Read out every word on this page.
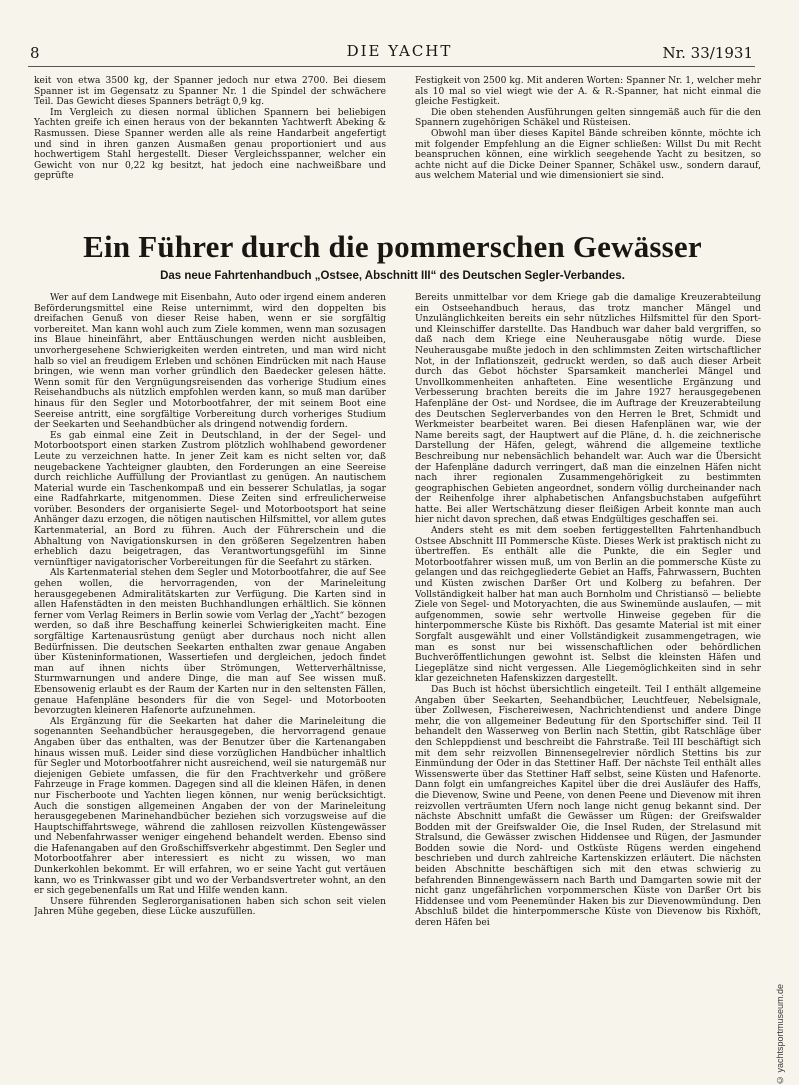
8	DIE YACHT	Nr. 33/1931

keit von etwa 3500 kg, der Spanner jedoch nur etwa 2700. Bei diesem Spanner ist im Gegensatz zu Spanner Nr. 1 die Spindel der schwächere Teil. Das Gewicht dieses Spanners beträgt 0,9 kg.

Im Vergleich zu diesen normal üblichen Spannern bei beliebigen Yachten greife ich einen heraus von der bekannten Yachtwerft Abeking & Rasmussen. Diese Spanner werden alle als reine Handarbeit angefertigt und sind in ihren ganzen Ausmaßen genau proportioniert und aus hochwertigem Stahl hergestellt. Dieser Vergleichsspanner, welcher ein Gewicht von nur 0,22 kg besitzt, hat jedoch eine nachweißbare und geprüfte

Festigkeit von 2500 kg. Mit anderen Worten: Spanner Nr. 1, welcher mehr als 10 mal so viel wiegt wie der A. & R.-Spanner, hat nicht einmal die gleiche Festigkeit.

Die oben stehenden Ausführungen gelten sinngemäß auch für die den Spannern zugehörigen Schäkel und Rüsteisen.

Obwohl man über dieses Kapitel Bände schreiben könnte, möchte ich mit folgender Empfehlung an die Eigner schließen: Willst Du mit Recht beanspruchen können, eine wirklich seegehende Yacht zu besitzen, so achte nicht auf die Dicke Deiner Spanner, Schäkel usw., sondern darauf, aus welchem Material und wie dimensioniert sie sind.

Ein Führer durch die pommerschen Gewässer
Das neue Fahrtenhandbuch „Ostsee, Abschnitt III“ des Deutschen Segler-Verbandes.

Wer auf dem Landwege mit Eisenbahn, Auto oder irgend einem anderen Beförderungsmittel eine Reise unternimmt, wird den doppelten bis dreifachen Genuß von dieser Reise haben, wenn er sie sorgfältig vorbereitet. Man kann wohl auch zum Ziele kommen, wenn man sozusagen ins Blaue hineinfährt, aber Enttäuschungen werden nicht ausbleiben, unvorhergesehene Schwierigkeiten werden eintreten, und man wird nicht halb so viel an freudigem Erleben und schönen Eindrücken mit nach Hause bringen, wie wenn man vorher gründlich den Baedecker gelesen hätte. Wenn somit für den Vergnügungsreisenden das vorherige Studium eines Reisehandbuchs als nützlich empfohlen werden kann, so muß man darüber hinaus für den Segler und Motorbootfahrer, der mit seinem Boot eine Seereise antritt, eine sorgfältige Vorbereitung durch vorheriges Studium der Seekarten und Seehandbücher als dringend notwendig fordern.

Es gab einmal eine Zeit in Deutschland, in der der Segel- und Motorbootsport einen starken Zustrom plötzlich wohlhabend gewordener Leute zu verzeichnen hatte. In jener Zeit kam es nicht selten vor, daß neugebackene Yachteigner glaubten, den Forderungen an eine Seereise durch reichliche Auffüllung der Proviantlast zu genügen. An nautischem Material wurde ein Taschenkompaß und ein besserer Schulatlas, ja sogar eine Radfahrkarte, mitgenommen. Diese Zeiten sind erfreulicherweise vorüber. Besonders der organisierte Segel- und Motorbootsport hat seine Anhänger dazu erzogen, die nötigen nautischen Hilfsmittel, vor allem gutes Kartenmaterial, an Bord zu führen. Auch der Führerschein und die Abhaltung von Navigationskursen in den größeren Segelzentren haben erheblich dazu beigetragen, das Verantwortungsgefühl im Sinne vernünftiger navigatorischer Vorbereitungen für die Seefahrt zu stärken.

Als Kartenmaterial stehen dem Segler und Motorbootfahrer, die auf See gehen wollen, die hervorragenden, von der Marineleitung herausgegebenen Admiralitätskarten zur Verfügung. Die Karten sind in allen Hafenstädten in den meisten Buchhandlungen erhältlich. Sie können ferner vom Verlag Reimers in Berlin sowie vom Verlag der „Yacht“ bezogen werden, so daß ihre Beschaffung keinerlei Schwierigkeiten macht. Eine sorgfältige Kartenausrüstung genügt aber durchaus noch nicht allen Bedürfnissen. Die deutschen Seekarten enthalten zwar genaue Angaben über Küsteninformationen, Wassertiefen und dergleichen, jedoch findet man auf ihnen nichts über Strömungen, Wetterverhältnisse, Sturmwarnungen und andere Dinge, die man auf See wissen muß. Ebensowenig erlaubt es der Raum der Karten nur in den seltensten Fällen, genaue Hafenpläne besonders für die von Segel- und Motorbooten bevorzugten kleineren Hafenorte aufzunehmen.

Als Ergänzung für die Seekarten hat daher die Marineleitung die sogenannten Seehandbücher herausgegeben, die hervorragend genaue Angaben über das enthalten, was der Benutzer über die Kartenangaben hinaus wissen muß. Leider sind diese vorzüglichen Handbücher inhaltlich für Segler und Motorbootfahrer nicht ausreichend, weil sie naturgemäß nur diejenigen Gebiete umfassen, die für den Frachtverkehr und größere Fahrzeuge in Frage kommen. Dagegen sind all die kleinen Häfen, in denen nur Fischerboote und Yachten liegen können, nur wenig berücksichtigt. Auch die sonstigen allgemeinen Angaben der von der Marineleitung herausgegebenen Marinehandbücher beziehen sich vorzugsweise auf die Hauptschiffahrtswege, während die zahllosen reizvollen Küstengewässer und Nebenfahrwasser weniger eingehend behandelt werden. Ebenso sind die Hafenangaben auf den Großschiffsverkehr abgestimmt. Den Segler und Motorbootfahrer aber interessiert es nicht zu wissen, wo man Dunkerkohlen bekommt. Er will erfahren, wo er seine Yacht gut vertäuen kann, wo es Trinkwasser gibt und wo der Verbandsvertreter wohnt, an den er sich gegebenenfalls um Rat und Hilfe wenden kann.

Unsere führenden Seglerorganisationen haben sich schon seit vielen Jahren Mühe gegeben, diese Lücke auszufüllen.

Bereits unmittelbar vor dem Kriege gab die damalige Kreuzerabteilung ein Ostseehandbuch heraus, das trotz mancher Mängel und Unzulänglichkeiten bereits ein sehr nützliches Hilfsmittel für den Sport- und Kleinschiffer darstellte. Das Handbuch war daher bald vergriffen, so daß nach dem Kriege eine Neuherausgabe nötig wurde. Diese Neuherausgabe mußte jedoch in den schlimmsten Zeiten wirtschaftlicher Not, in der Inflationszeit, gedruckt werden, so daß auch dieser Arbeit durch das Gebot höchster Sparsamkeit mancherlei Mängel und Unvollkommenheiten anhafteten. Eine wesentliche Ergänzung und Verbesserung brachten bereits die im Jahre 1927 herausgegebenen Hafenpläne der Ost- und Nordsee, die im Auftrage der Kreuzerabteilung des Deutschen Seglerverbandes von den Herren le Bret, Schmidt und Werkmeister bearbeitet waren. Bei diesen Hafenplänen war, wie der Name bereits sagt, der Hauptwert auf die Pläne, d. h. die zeichnerische Darstellung der Häfen, gelegt, während die allgemeine textliche Beschreibung nur nebensächlich behandelt war. Auch war die Übersicht der Hafenpläne dadurch verringert, daß man die einzelnen Häfen nicht nach ihrer regionalen Zusammengehörigkeit zu bestimmten geographischen Gebieten angeordnet, sondern völlig durcheinander nach der Reihenfolge ihrer alphabetischen Anfangsbuchstaben aufgeführt hatte. Bei aller Wertschätzung dieser fleißigen Arbeit konnte man auch hier nicht davon sprechen, daß etwas Endgültiges geschaffen sei.

Anders steht es mit dem soeben fertiggestellten Fahrtenhandbuch Ostsee Abschnitt III Pommersche Küste. Dieses Werk ist praktisch nicht zu übertreffen. Es enthält alle die Punkte, die ein Segler und Motorbootfahrer wissen muß, um von Berlin an die pommersche Küste zu gelangen und das reichgegliederte Gebiet an Haffs, Fahrwassern, Buchten und Küsten zwischen Darßer Ort und Kolberg zu befahren. Der Vollständigkeit halber hat man auch Bornholm und Christiansö — beliebte Ziele von Segel- und Motoryachten, die aus Swinemünde auslaufen, — mit aufgenommen, sowie sehr wertvolle Hinweise gegeben für die hinterpommersche Küste bis Rixhöft. Das gesamte Material ist mit einer Sorgfalt ausgewählt und einer Vollständigkeit zusammengetragen, wie man es sonst nur bei wissenschaftlichen oder behördlichen Buchveröffentlichungen gewohnt ist. Selbst die kleinsten Häfen und Liegeplätze sind nicht vergessen. Alle Liegemöglichkeiten sind in sehr klar gezeichneten Hafenskizzen dargestellt.

Das Buch ist höchst übersichtlich eingeteilt. Teil I enthält allgemeine Angaben über Seekarten, Seehandbücher, Leuchtfeuer, Nebelsignale, über Zollwesen, Fischereiwesen, Nachrichtendienst und andere Dinge mehr, die von allgemeiner Bedeutung für den Sportschiffer sind. Teil II behandelt den Wasserweg von Berlin nach Stettin, gibt Ratschläge über den Schleppdienst und beschreibt die Fahrstraße. Teil III beschäftigt sich mit dem sehr reizvollen Binnensegelrevier nördlich Stettins bis zur Einmündung der Oder in das Stettiner Haff. Der nächste Teil enthält alles Wissenswerte über das Stettiner Haff selbst, seine Küsten und Hafenorte. Dann folgt ein umfangreiches Kapitel über die drei Ausläufer des Haffs, die Dievenow, Swine und Peene, von denen Peene und Dievenow mit ihren reizvollen verträumten Ufern noch lange nicht genug bekannt sind. Der nächste Abschnitt umfaßt die Gewässer um Rügen: der Greifswalder Bodden mit der Greifswalder Oie, die Insel Ruden, der Strelasund mit Stralsund, die Gewässer zwischen Hiddensee und Rügen, der Jasmunder Bodden sowie die Nord- und Ostküste Rügens werden eingehend beschrieben und durch zahlreiche Kartenskizzen erläutert. Die nächsten beiden Abschnitte beschäftigen sich mit den etwas schwierig zu befahrenden Binnengewässern nach Barth und Damgarten sowie mit der nicht ganz ungefährlichen vorpommerschen Küste von Darßer Ort bis Hiddensee und vom Peenemünder Haken bis zur Dievenowmündung. Den Abschluß bildet die hinterpommersche Küste von Dievenow bis Rixhöft, deren Häfen bei

© yachtsportmuseum.de
